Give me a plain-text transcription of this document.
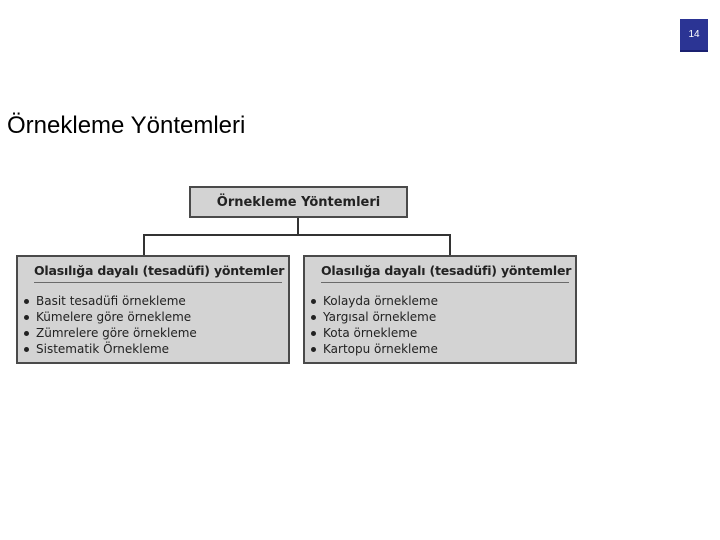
14
Örnekleme Yöntemleri
Örnekleme Yöntemleri
Olasılığa dayalı (tesadüfi) yöntemler
Basit tesadüfi örnekleme
Kümelere göre örnekleme
Zümrelere göre örnekleme
Sistematik Örnekleme
Olasılığa dayalı (tesadüfi) yöntemler
Kolayda örnekleme
Yargısal örnekleme
Kota örnekleme
Kartopu örnekleme
